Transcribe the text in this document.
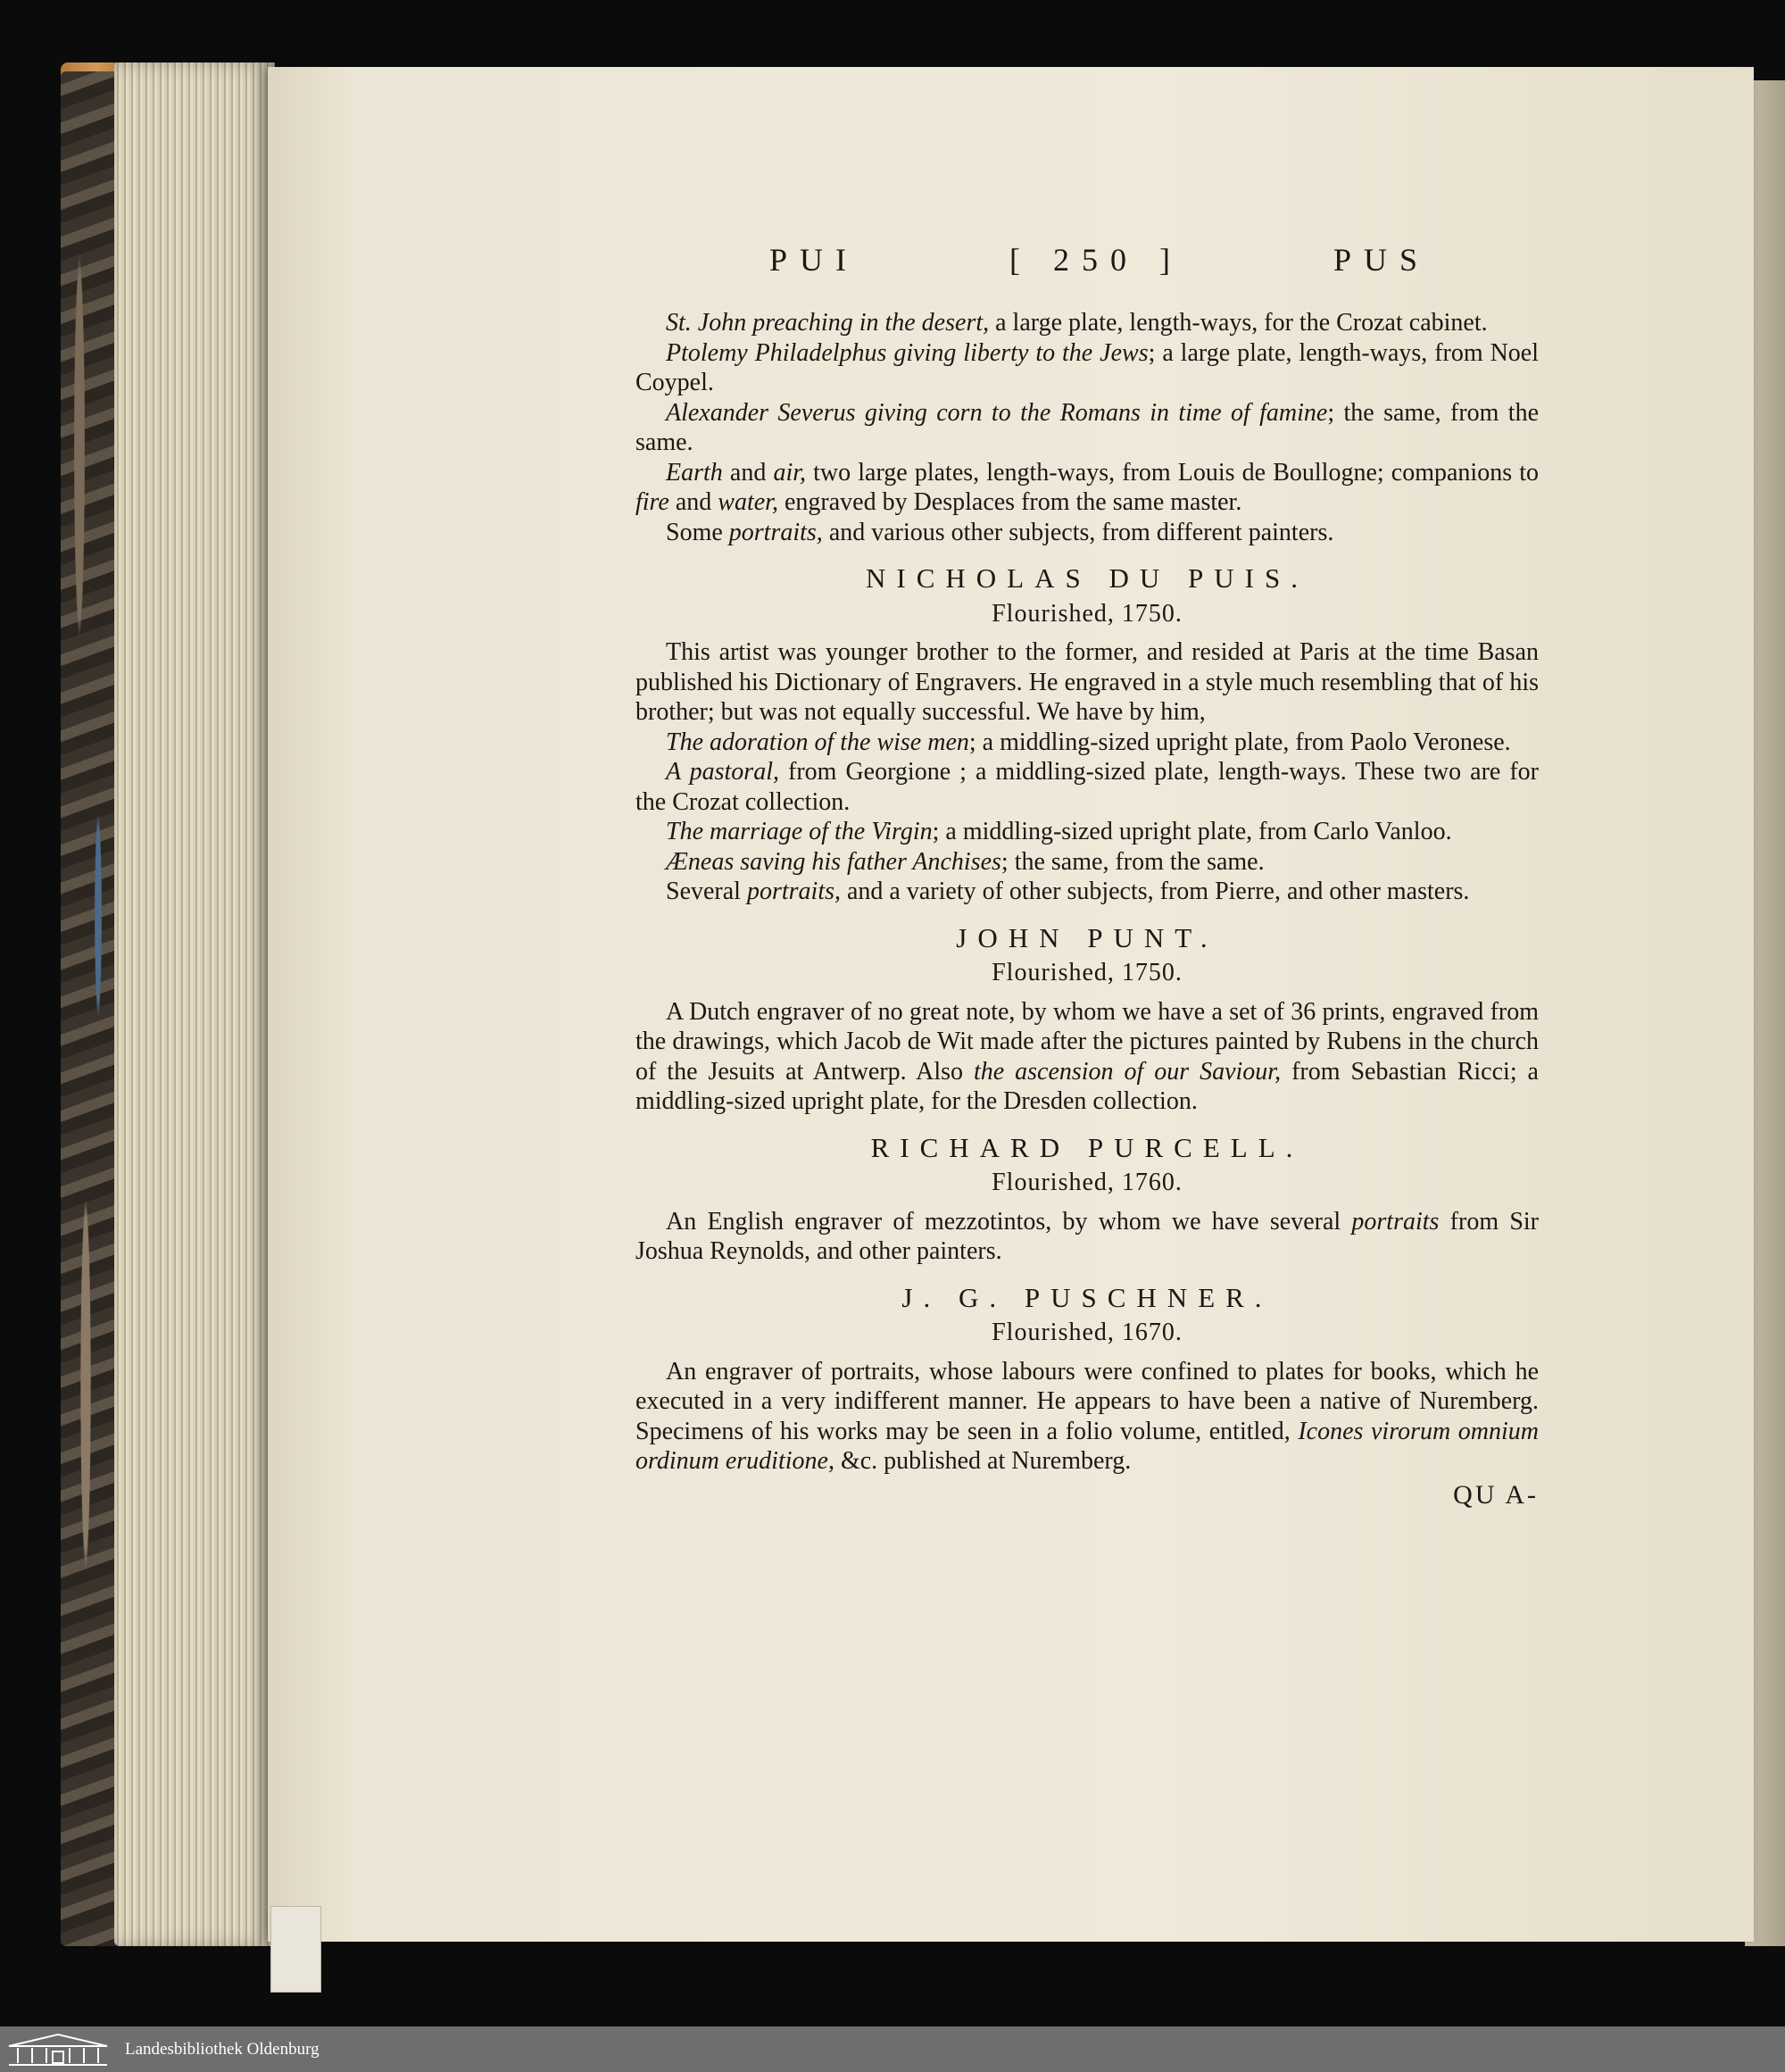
PUI	[ 250 ]	PUS

St. John preaching in the desert, a large plate, length-ways, for the Crozat cabinet.

Ptolemy Philadelphus giving liberty to the Jews; a large plate, length-ways, from Noel Coypel.

Alexander Severus giving corn to the Romans in time of famine; the same, from the same.

Earth and air, two large plates, length-ways, from Louis de Boullogne; companions to fire and water, engraved by Desplaces from the same master.

Some portraits, and various other subjects, from different painters.

NICHOLAS DU PUIS.
Flourished, 1750.

This artist was younger brother to the former, and resided at Paris at the time Basan published his Dictionary of Engravers. He engraved in a style much resembling that of his brother; but was not equally successful. We have by him,

The adoration of the wise men; a middling-sized upright plate, from Paolo Veronese.

A pastoral, from Georgione ; a middling-sized plate, length-ways. These two are for the Crozat collection.

The marriage of the Virgin; a middling-sized upright plate, from Carlo Vanloo.

Æneas saving his father Anchises; the same, from the same.

Several portraits, and a variety of other subjects, from Pierre, and other masters.

JOHN PUNT.
Flourished, 1750.

A Dutch engraver of no great note, by whom we have a set of 36 prints, engraved from the drawings, which Jacob de Wit made after the pictures painted by Rubens in the church of the Jesuits at Antwerp. Also the ascension of our Saviour, from Sebastian Ricci; a middling-sized upright plate, for the Dresden collection.

RICHARD PURCELL.
Flourished, 1760.

An English engraver of mezzotintos, by whom we have several portraits from Sir Joshua Reynolds, and other painters.

J. G. PUSCHNER.
Flourished, 1670.

An engraver of portraits, whose labours were confined to plates for books, which he executed in a very indifferent manner. He appears to have been a native of Nuremberg. Specimens of his works may be seen in a folio volume, entitled, Icones virorum omnium ordinum eruditione, &c. published at Nuremberg.

QU A-
Landesbibliothek Oldenburg
